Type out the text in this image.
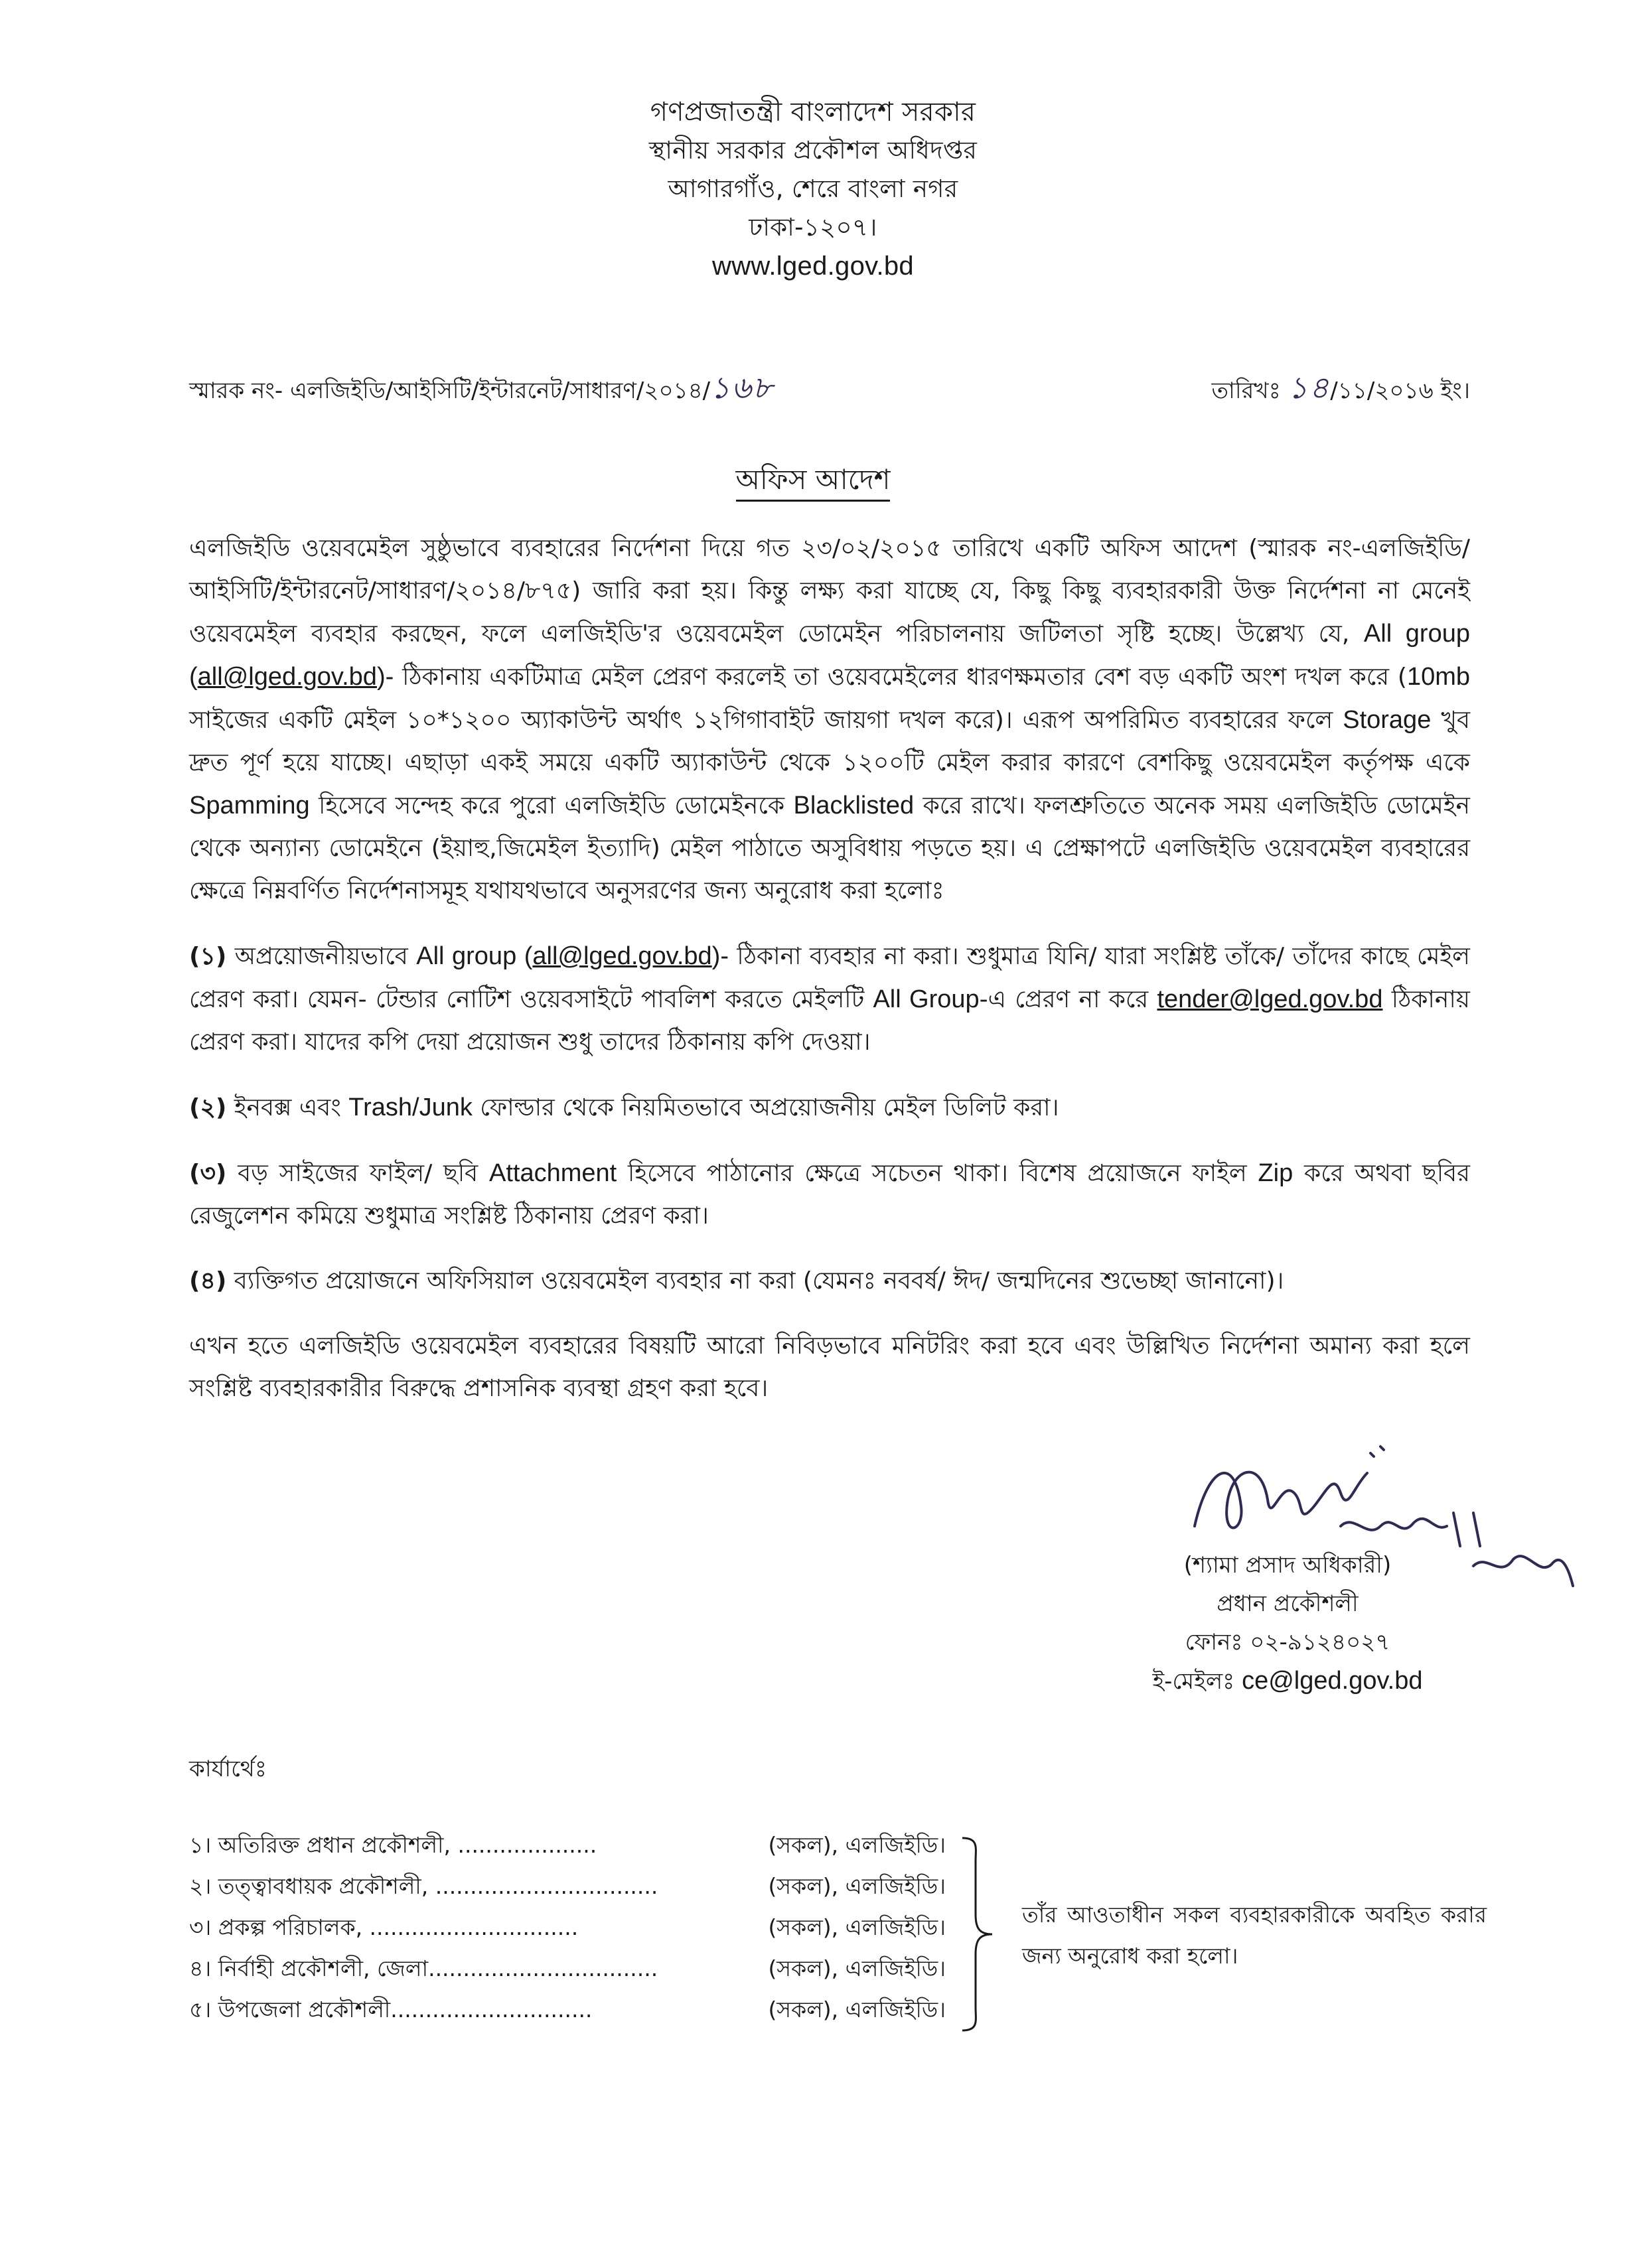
গণপ্রজাতন্ত্রী বাংলাদেশ সরকার
স্থানীয় সরকার প্রকৌশল অধিদপ্তর
আগারগাঁও, শেরে বাংলা নগর
ঢাকা-১২০৭।
www.lged.gov.bd
স্মারক নং- এলজিইডি/আইসিটি/ইন্টারনেট/সাধারণ/২০১৪/১৬৮	তারিখঃ ১৪/১১/২০১৬ ইং।
অফিস আদেশ

এলজিইডি ওয়েবমেইল সুষ্ঠুভাবে ব্যবহারের নির্দেশনা দিয়ে গত ২৩/০২/২০১৫ তারিখে একটি অফিস আদেশ (স্মারক নং-এলজিইডি/আইসিটি/ইন্টারনেট/সাধারণ/২০১৪/৮৭৫) জারি করা হয়। কিন্তু লক্ষ্য করা যাচ্ছে যে, কিছু কিছু ব্যবহারকারী উক্ত নির্দেশনা না মেনেই ওয়েবমেইল ব্যবহার করছেন, ফলে এলজিইডি'র ওয়েবমেইল ডোমেইন পরিচালনায় জটিলতা সৃষ্টি হচ্ছে। উল্লেখ্য যে, All group (all@lged.gov.bd)- ঠিকানায় একটিমাত্র মেইল প্রেরণ করলেই তা ওয়েবমেইলের ধারণক্ষমতার বেশ বড় একটি অংশ দখল করে (10mb সাইজের একটি মেইল ১০*১২০০ অ্যাকাউন্ট অর্থাৎ ১২গিগাবাইট জায়গা দখল করে)। এরূপ অপরিমিত ব্যবহারের ফলে Storage খুব দ্রুত পূর্ণ হয়ে যাচ্ছে। এছাড়া একই সময়ে একটি অ্যাকাউন্ট থেকে ১২০০টি মেইল করার কারণে বেশকিছু ওয়েবমেইল কর্তৃপক্ষ একে Spamming হিসেবে সন্দেহ করে পুরো এলজিইডি ডোমেইনকে Blacklisted করে রাখে। ফলশ্রুতিতে অনেক সময় এলজিইডি ডোমেইন থেকে অন্যান্য ডোমেইনে (ইয়াহু,জিমেইল ইত্যাদি) মেইল পাঠাতে অসুবিধায় পড়তে হয়। এ প্রেক্ষাপটে এলজিইডি ওয়েবমেইল ব্যবহারের ক্ষেত্রে নিম্নবর্ণিত নির্দেশনাসমূহ যথাযথভাবে অনুসরণের জন্য অনুরোধ করা হলোঃ

(১) অপ্রয়োজনীয়ভাবে All group (all@lged.gov.bd)- ঠিকানা ব্যবহার না করা। শুধুমাত্র যিনি/ যারা সংশ্লিষ্ট তাঁকে/ তাঁদের কাছে মেইল প্রেরণ করা। যেমন- টেন্ডার নোটিশ ওয়েবসাইটে পাবলিশ করতে মেইলটি All Group-এ প্রেরণ না করে tender@lged.gov.bd ঠিকানায় প্রেরণ করা। যাদের কপি দেয়া প্রয়োজন শুধু তাদের ঠিকানায় কপি দেওয়া।

(২) ইনবক্স এবং Trash/Junk ফোল্ডার থেকে নিয়মিতভাবে অপ্রয়োজনীয় মেইল ডিলিট করা।

(৩) বড় সাইজের ফাইল/ ছবি Attachment হিসেবে পাঠানোর ক্ষেত্রে সচেতন থাকা। বিশেষ প্রয়োজনে ফাইল Zip করে অথবা ছবির রেজুলেশন কমিয়ে শুধুমাত্র সংশ্লিষ্ট ঠিকানায় প্রেরণ করা।

(৪) ব্যক্তিগত প্রয়োজনে অফিসিয়াল ওয়েবমেইল ব্যবহার না করা (যেমনঃ নববর্ষ/ ঈদ/ জন্মদিনের শুভেচ্ছা জানানো)।

এখন হতে এলজিইডি ওয়েবমেইল ব্যবহারের বিষয়টি আরো নিবিড়ভাবে মনিটরিং করা হবে এবং উল্লিখিত নির্দেশনা অমান্য করা হলে সংশ্লিষ্ট ব্যবহারকারীর বিরুদ্ধে প্রশাসনিক ব্যবস্থা গ্রহণ করা হবে।

(শ্যামা প্রসাদ অধিকারী)
প্রধান প্রকৌশলী
ফোনঃ ০২-৯১২৪০২৭
ই-মেইলঃ ce@lged.gov.bd
কার্যার্থেঃ
১। অতিরিক্ত প্রধান প্রকৌশলী, ....................	(সকল), এলজিইডি।
২। তত্ত্বাবধায়ক প্রকৌশলী, ................................	(সকল), এলজিইডি।
৩। প্রকল্প পরিচালক, ..............................	(সকল), এলজিইডি।
৪। নির্বাহী প্রকৌশলী, জেলা.................................	(সকল), এলজিইডি।
৫। উপজেলা প্রকৌশলী.............................	(সকল), এলজিইডি।
তাঁর আওতাধীন সকল ব্যবহারকারীকে অবহিত করার জন্য অনুরোধ করা হলো।
